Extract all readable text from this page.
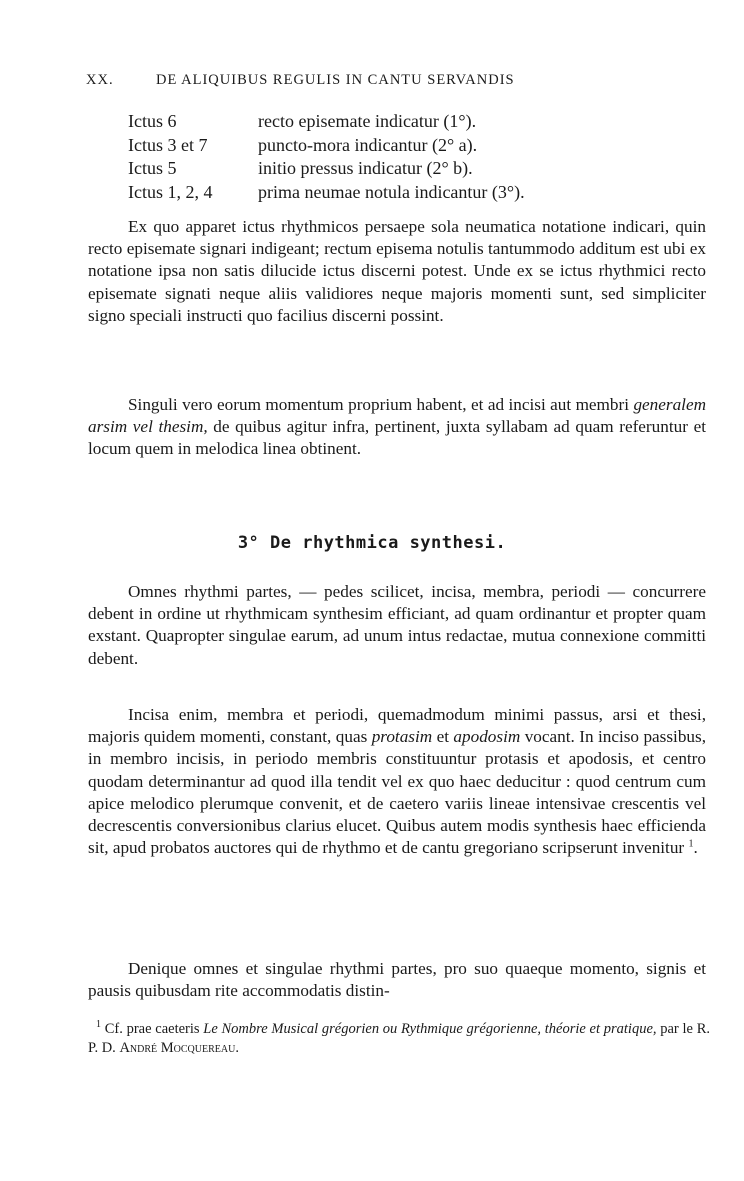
XX.	DE ALIQUIBUS REGULIS IN CANTU SERVANDIS
Ictus 6	recto episemate indicatur (1°).
Ictus 3 et 7	puncto-mora indicantur (2° a).
Ictus 5	initio pressus indicatur (2° b).
Ictus 1, 2, 4	prima neumae notula indicantur (3°).

Ex quo apparet ictus rhythmicos persaepe sola neumatica notatione indicari, quin recto episemate signari indigeant; rectum episema notulis tantummodo additum est ubi ex notatione ipsa non satis dilucide ictus discerni potest. Unde ex se ictus rhythmici recto episemate signati neque aliis validiores neque majoris momenti sunt, sed simpliciter signo speciali instructi quo facilius discerni possint.

Singuli vero eorum momentum proprium habent, et ad incisi aut membri generalem arsim vel thesim, de quibus agitur infra, pertinent, juxta syllabam ad quam referuntur et locum quem in melodica linea obtinent.

3° De rhythmica synthesi.

Omnes rhythmi partes, — pedes scilicet, incisa, membra, periodi — concurrere debent in ordine ut rhythmicam synthesim efficiant, ad quam ordinantur et propter quam exstant. Quapropter singulae earum, ad unum intus redactae, mutua connexione committi debent.

Incisa enim, membra et periodi, quemadmodum minimi passus, arsi et thesi, majoris quidem momenti, constant, quas protasim et apodosim vocant. In inciso passibus, in membro incisis, in periodo membris constituuntur protasis et apodosis, et centro quodam determinantur ad quod illa tendit vel ex quo haec deducitur : quod centrum cum apice melodico plerumque convenit, et de caetero variis lineae intensivae crescentis vel decrescentis conversionibus clarius elucet. Quibus autem modis synthesis haec efficienda sit, apud probatos auctores qui de rhythmo et de cantu gregoriano scripserunt invenitur $^1$.

Denique omnes et singulae rhythmi partes, pro suo quaeque momento, signis et pausis quibusdam rite accommodatis distin-

$^1$ Cf. prae caeteris Le Nombre Musical grégorien ou Rythmique grégorienne, théorie et pratique, par le R. P. D. André Mocquereau.
